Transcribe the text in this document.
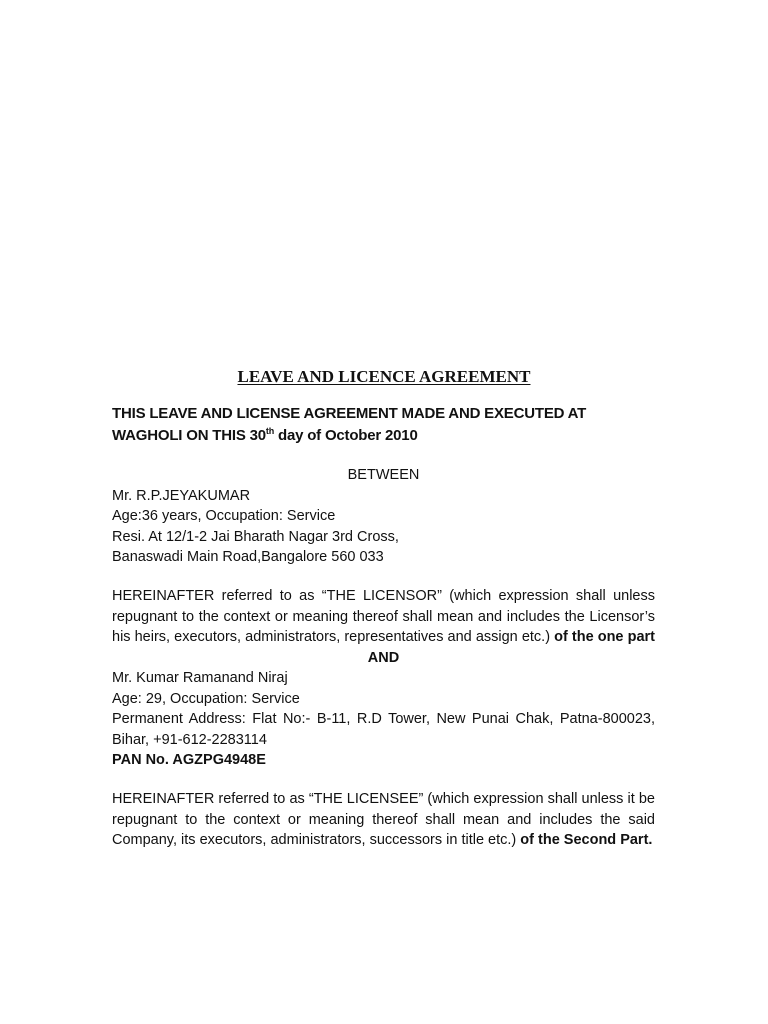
LEAVE AND LICENCE AGREEMENT
THIS LEAVE AND LICENSE AGREEMENT MADE AND EXECUTED AT
WAGHOLI ON THIS 30th day of October 2010
BETWEEN
Mr. R.P.JEYAKUMAR
Age:36 years, Occupation: Service
Resi. At 12/1-2 Jai Bharath Nagar 3rd Cross,
Banaswadi Main Road,Bangalore 560 033
HEREINAFTER referred to as “THE LICENSOR” (which expression shall unless
repugnant to the context or meaning thereof shall mean and includes the Licensor’s
his heirs, executors, administrators, representatives and assign etc.) of the one part
AND
Mr. Kumar Ramanand Niraj
Age: 29, Occupation: Service
Permanent Address: Flat No:- B-11, R.D Tower, New Punai Chak, Patna-800023,
Bihar, +91-612-2283114
PAN No. AGZPG4948E
HEREINAFTER referred to as “THE LICENSEE” (which expression shall unless it be
repugnant to the context or meaning thereof shall mean and includes the said
Company, its executors, administrators, successors in title etc.) of the Second Part.
